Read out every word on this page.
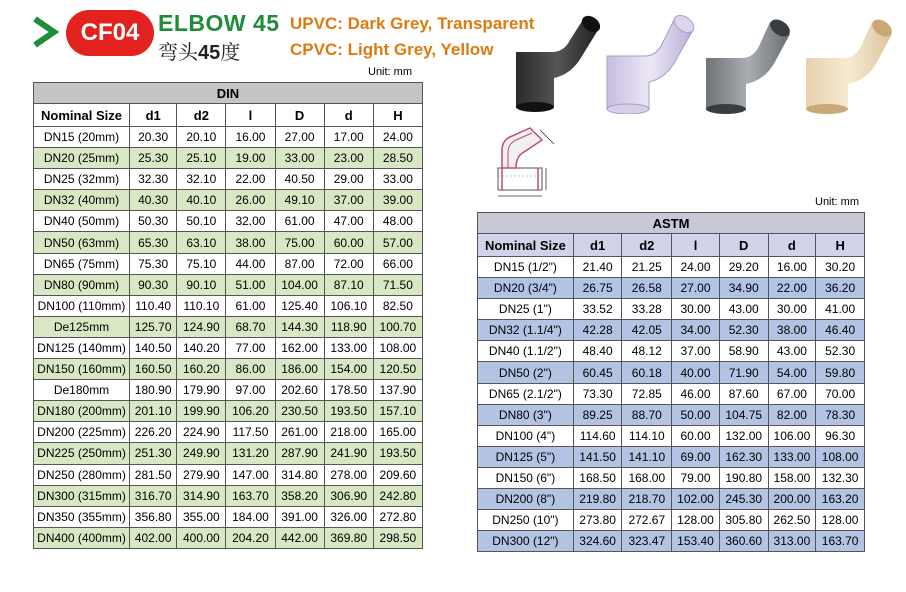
CF04 ELBOW 45
弯头45度
UPVC: Dark Grey, Transparent
CPVC: Light Grey, Yellow
Unit: mm
DIN						
Nominal Size	d1	d2	l	D	d	H
DN15 (20mm)	20.30	20.10	16.00	27.00	17.00	24.00
DN20 (25mm)	25.30	25.10	19.00	33.00	23.00	28.50
DN25 (32mm)	32.30	32.10	22.00	40.50	29.00	33.00
DN32 (40mm)	40.30	40.10	26.00	49.10	37.00	39.00
DN40 (50mm)	50.30	50.10	32.00	61.00	47.00	48.00
DN50 (63mm)	65.30	63.10	38.00	75.00	60.00	57.00
DN65 (75mm)	75.30	75.10	44.00	87.00	72.00	66.00
DN80 (90mm)	90.30	90.10	51.00	104.00	87.10	71.50
DN100 (110mm)	110.40	110.10	61.00	125.40	106.10	82.50
De125mm	125.70	124.90	68.70	144.30	118.90	100.70
DN125 (140mm)	140.50	140.20	77.00	162.00	133.00	108.00
DN150 (160mm)	160.50	160.20	86.00	186.00	154.00	120.50
De180mm	180.90	179.90	97.00	202.60	178.50	137.90
DN180 (200mm)	201.10	199.90	106.20	230.50	193.50	157.10
DN200 (225mm)	226.20	224.90	117.50	261.00	218.00	165.00
DN225 (250mm)	251.30	249.90	131.20	287.90	241.90	193.50
DN250 (280mm)	281.50	279.90	147.00	314.80	278.00	209.60
DN300 (315mm)	316.70	314.90	163.70	358.20	306.90	242.80
DN350 (355mm)	356.80	355.00	184.00	391.00	326.00	272.80
DN400 (400mm)	402.00	400.00	204.20	442.00	369.80	298.50
Unit: mm
ASTM						
Nominal Size	d1	d2	l	D	d	H
DN15 (1/2")	21.40	21.25	24.00	29.20	16.00	30.20
DN20 (3/4")	26.75	26.58	27.00	34.90	22.00	36.20
DN25 (1")	33.52	33.28	30.00	43.00	30.00	41.00
DN32 (1.1/4")	42.28	42.05	34.00	52.30	38.00	46.40
DN40 (1.1/2")	48.40	48.12	37.00	58.90	43.00	52.30
DN50 (2")	60.45	60.18	40.00	71.90	54.00	59.80
DN65 (2.1/2")	73.30	72.85	46.00	87.60	67.00	70.00
DN80 (3")	89.25	88.70	50.00	104.75	82.00	78.30
DN100 (4")	114.60	114.10	60.00	132.00	106.00	96.30
DN125 (5")	141.50	141.10	69.00	162.30	133.00	108.00
DN150 (6")	168.50	168.00	79.00	190.80	158.00	132.30
DN200 (8")	219.80	218.70	102.00	245.30	200.00	163.20
DN250 (10")	273.80	272.67	128.00	305.80	262.50	128.00
DN300 (12")	324.60	323.47	153.40	360.60	313.00	163.70
